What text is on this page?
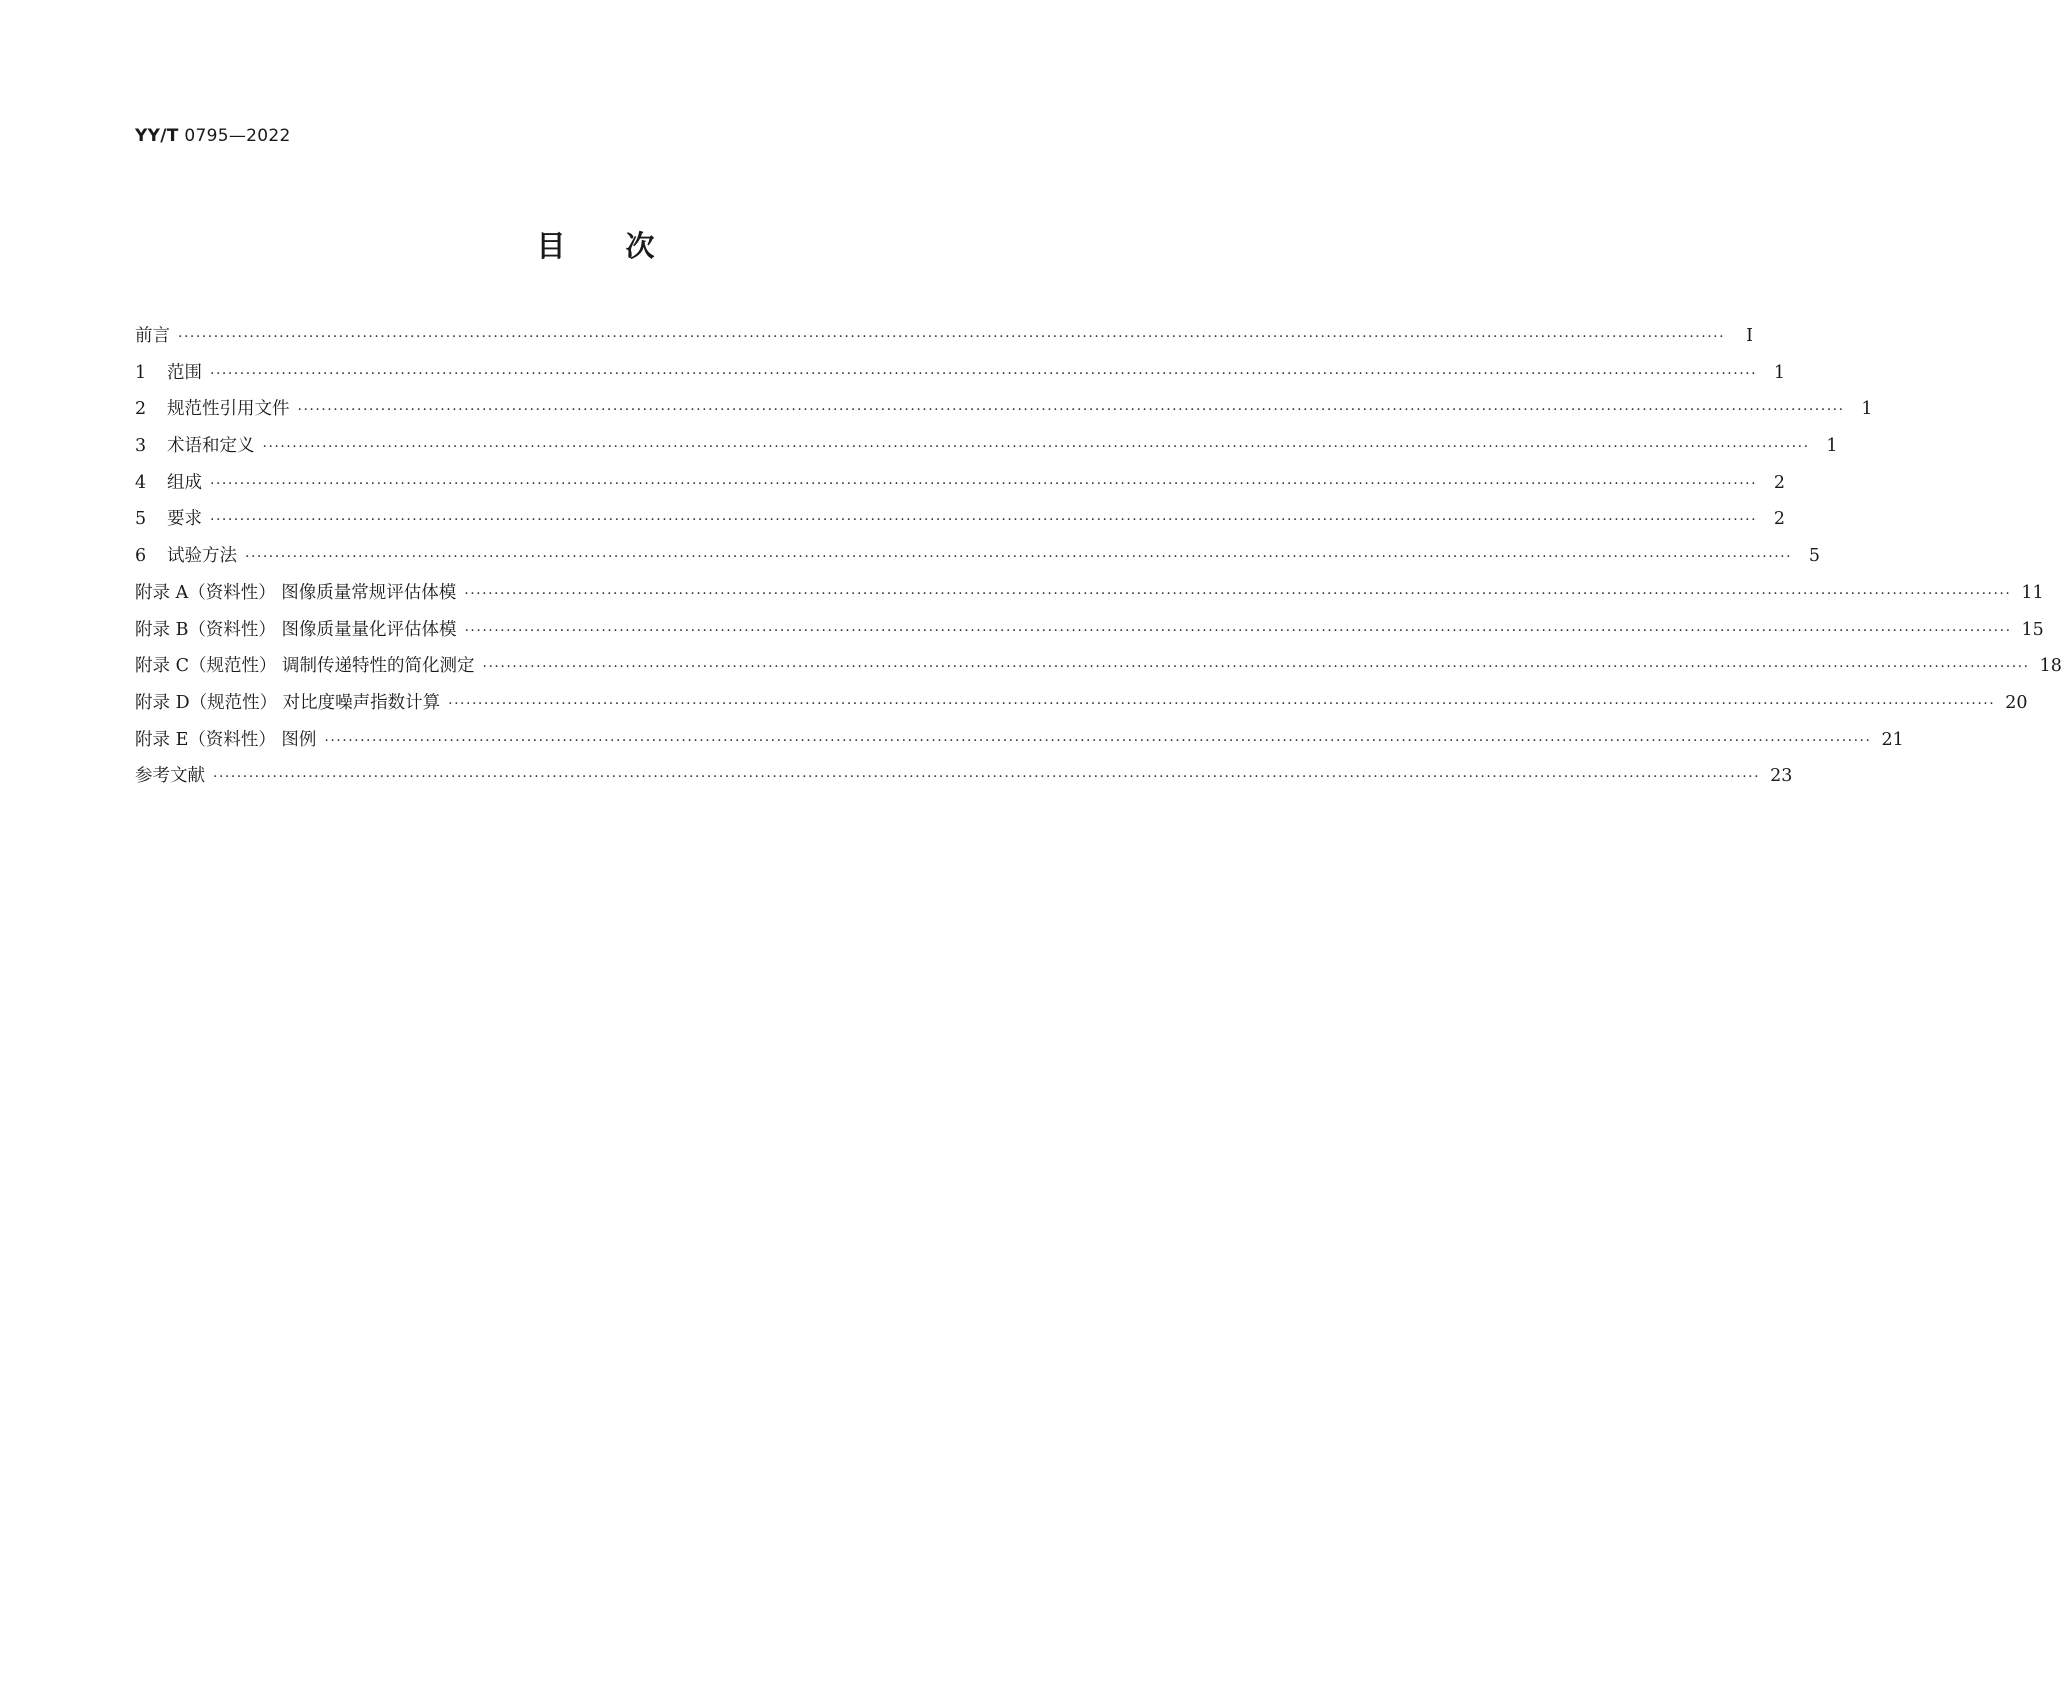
YY/T 0795—2022
目 次
前言 ····································································································································································································································································	Ⅰ
1 范围 ···································································································································································································································································· 1
2 规范性引用文件 ···································································································································································································································································· 1
3 术语和定义 ···································································································································································································································································· 1
4 组成 ···································································································································································································································································· 2
5 要求 ···································································································································································································································································· 2
6 试验方法 ···································································································································································································································································· 5
附录 A（资料性） 图像质量常规评估体模 ···································································································································································································································································· 11
附录 B（资料性） 图像质量量化评估体模 ···································································································································································································································································· 15
附录 C（规范性） 调制传递特性的简化测定 ···································································································································································································································································· 18
附录 D（规范性） 对比度噪声指数计算 ···································································································································································································································································· 20
附录 E（资料性） 图例 ···································································································································································································································································· 21
参考文献 ···································································································································································································································································· 23
